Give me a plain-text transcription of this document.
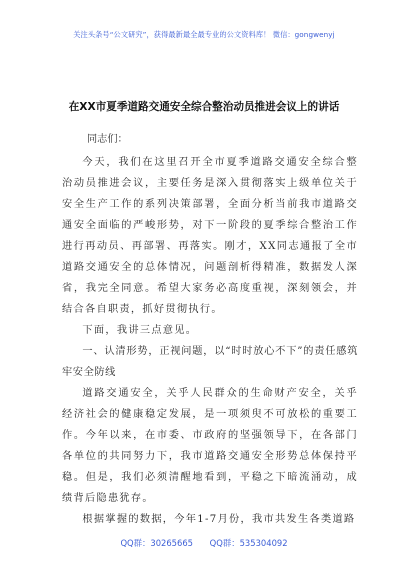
关注头条号“公文研究”，获得最新最全最专业的公文资料库！ 微信：gongwenyj
在XX市夏季道路交通安全综合整治动员推进会议上的讲话
同志们：

今天，我们在这里召开全市夏季道路交通安全综合整治动员推进会议，主要任务是深入贯彻落实上级单位关于安全生产工作的系列决策部署，全面分析当前我市道路交通安全面临的严峻形势，对下一阶段的夏季综合整治工作进行再动员、再部署、再落实。刚才，XX同志通报了全市道路交通安全的总体情况，问题剖析得精准，数据发人深省，我完全同意。希望大家务必高度重视，深刻领会，并结合各自职责，抓好贯彻执行。

下面，我讲三点意见。

一、认清形势，正视问题，以“时时放心不下”的责任感筑牢安全防线

道路交通安全，关乎人民群众的生命财产安全，关乎经济社会的健康稳定发展，是一项须臾不可放松的重要工作。今年以来，在市委、市政府的坚强领导下，在各部门各单位的共同努力下，我市道路交通安全形势总体保持平稳。但是，我们必须清醒地看到，平稳之下暗流涌动，成绩背后隐患犹存。

根据掌握的数据，今年1-7月份，我市共发生各类道路

QQ群：30265665 QQ群：535304092
